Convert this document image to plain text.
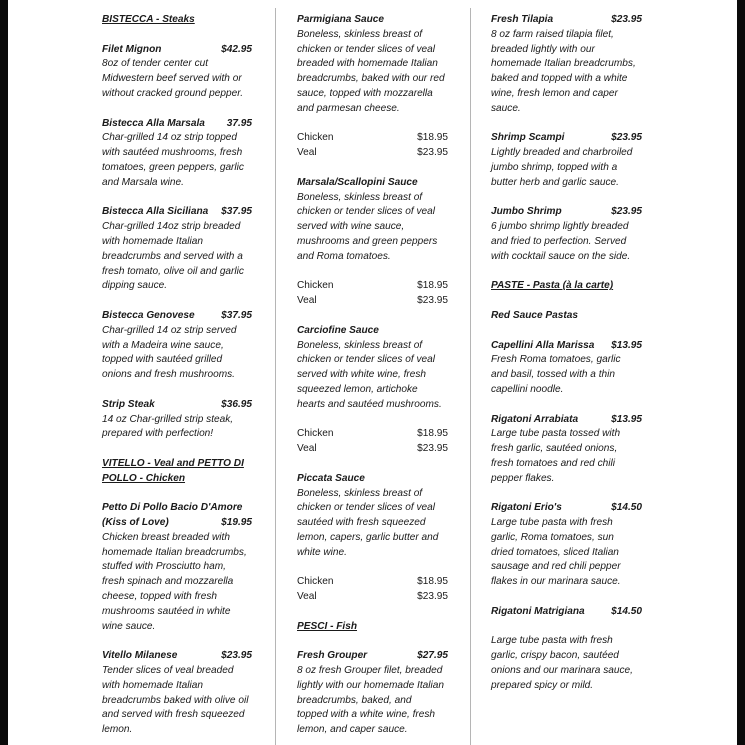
BISTECCA - Steaks
Filet Mignon	$42.95
8oz of tender center cut
Midwestern beef served with or
without cracked ground pepper.
Bistecca Alla Marsala 37.95
Char-grilled 14 oz strip topped
with sautéed mushrooms, fresh
tomatoes, green peppers, garlic
and Marsala wine.
Bistecca Alla Siciliana $37.95
Char-grilled 14oz strip breaded
with homemade Italian
breadcrumbs and served with a
fresh tomato, olive oil and garlic
dipping sauce.
Bistecca Genovese	$37.95
Char-grilled 14 oz strip served
with a Madeira wine sauce,
topped with sautéed grilled
onions and fresh mushrooms.
Strip Steak	$36.95
14 oz Char-grilled strip steak,
prepared with perfection!
VITELLO - Veal and PETTO DI
POLLO - Chicken
Petto Di Pollo Bacio D'Amore
(Kiss of Love)	$19.95
Chicken breast breaded with
homemade Italian breadcrumbs,
stuffed with Prosciutto ham,
fresh spinach and mozzarella
cheese, topped with fresh
mushrooms sautéed in white
wine sauce.
Vitello Milanese	$23.95
Tender slices of veal breaded
with homemade Italian
breadcrumbs baked with olive oil
and served with fresh squeezed
lemon.
Parmigiana Sauce
Boneless, skinless breast of
chicken or tender slices of veal
breaded with homemade Italian
breadcrumbs, baked with our red
sauce, topped with mozzarella
and parmesan cheese.
Chicken	$18.95
Veal	$23.95
Marsala/Scallopini Sauce
Boneless, skinless breast of
chicken or tender slices of veal
served with wine sauce,
mushrooms and green peppers
and Roma tomatoes.
Chicken	$18.95
Veal	$23.95
Carciofine Sauce
Boneless, skinless breast of
chicken or tender slices of veal
served with white wine, fresh
squeezed lemon, artichoke
hearts and sautéed mushrooms.
Chicken	$18.95
Veal	$23.95
Piccata Sauce
Boneless, skinless breast of
chicken or tender slices of veal
sautéed with fresh squeezed
lemon, capers, garlic butter and
white wine.
Chicken	$18.95
Veal	$23.95
PESCI - Fish
Fresh Grouper	$27.95
8 oz fresh Grouper filet, breaded
lightly with our homemade Italian
breadcrumbs, baked, and
topped with a white wine, fresh
lemon, and caper sauce.
Fresh Tilapia	$23.95
8 oz farm raised tilapia filet,
breaded lightly with our
homemade Italian breadcrumbs,
baked and topped with a white
wine, fresh lemon and caper
sauce.
Shrimp Scampi	$23.95
Lightly breaded and charbroiled
jumbo shrimp, topped with a
butter herb and garlic sauce.
Jumbo Shrimp	$23.95
6 jumbo shrimp lightly breaded
and fried to perfection. Served
with cocktail sauce on the side.
PASTE - Pasta (à la carte)
Red Sauce Pastas
Capellini Alla Marissa $13.95
Fresh Roma tomatoes, garlic
and basil, tossed with a thin
capellini noodle.
Rigatoni Arrabiata	$13.95
Large tube pasta tossed with
fresh garlic, sautéed onions,
fresh tomatoes and red chili
pepper flakes.
Rigatoni Erio's	$14.50
Large tube pasta with fresh
garlic, Roma tomatoes, sun
dried tomatoes, sliced Italian
sausage and red chili pepper
flakes in our marinara sauce.
Rigatoni Matrigiana	$14.50
Large tube pasta with fresh
garlic, crispy bacon, sautéed
onions and our marinara sauce,
prepared spicy or mild.
